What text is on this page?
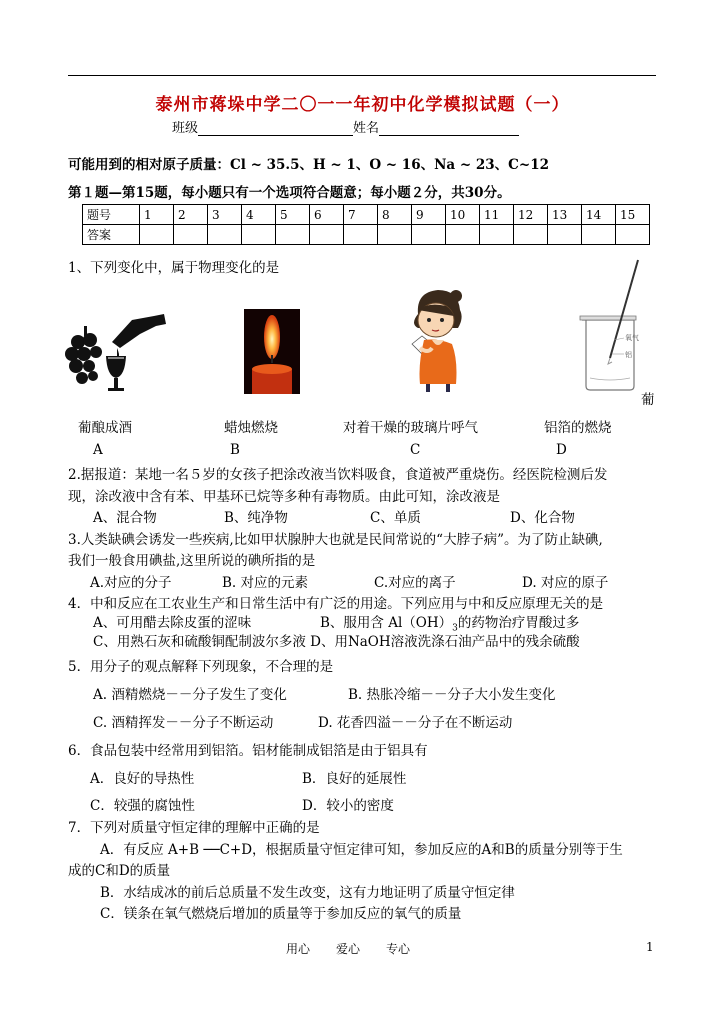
泰州市蒋垛中学二〇一一年初中化学模拟试题（一）
班级	姓名
可能用到的相对原子质量：Cl ~ 35.5、H ~ 1、O ~ 16、Na ~ 23、C~12
第１题—第15题，每小题只有一个选项符合题意；每小题２分，共30分。
题号	1	2	3	4	5	6	7	8	9	10	11	12	13	14	15
答案															
1、下列变化中，属于物理变化的是
氧气
铝
葡
葡酿成酒	蜡烛燃烧	对着干燥的玻璃片呼气	铝箔的燃烧
A	B	C	D
2.据报道：某地一名５岁的女孩子把涂改液当饮料吸食，食道被严重烧伤。经医院检测后发
现，涂改液中含有苯、甲基环已烷等多种有毒物质。由此可知，涂改液是
A、混合物	B、纯净物	C、单质	D、化合物
3.人类缺碘会诱发一些疾病,比如甲状腺肿大也就是民间常说的“大脖子病”。为了防止缺碘,
我们一般食用碘盐,这里所说的碘所指的是
A.对应的分子	B. 对应的元素	C.对应的离子	D. 对应的原子
4．中和反应在工农业生产和日常生活中有广泛的用途。下列应用与中和反应原理无关的是
A、可用醋去除皮蛋的涩味	B、服用含 $Al(OH)_3$的药物治疗胃酸过多
C、用熟石灰和硫酸铜配制波尔多液 D、用NaOH溶液洗涤石油产品中的残余硫酸
5．用分子的观点解释下列现象，不合理的是
A. 酒精燃烧－－分子发生了变化	B. 热胀冷缩－－分子大小发生变化
C. 酒精挥发－－分子不断运动	D. 花香四溢－－分子在不断运动
6．食品包装中经常用到铝箔。铝材能制成铝箔是由于铝具有
A．良好的导热性	B．良好的延展性
C．较强的腐蚀性	D．较小的密度
7．下列对质量守恒定律的理解中正确的是
A．有反应 A+B ──C+D，根据质量守恒定律可知，参加反应的A和B的质量分别等于生
成的C和D的质量
B．水结成冰的前后总质量不发生改变，这有力地证明了质量守恒定律
C．镁条在氧气燃烧后增加的质量等于参加反应的氧气的质量
用心 爱心 专心	1
